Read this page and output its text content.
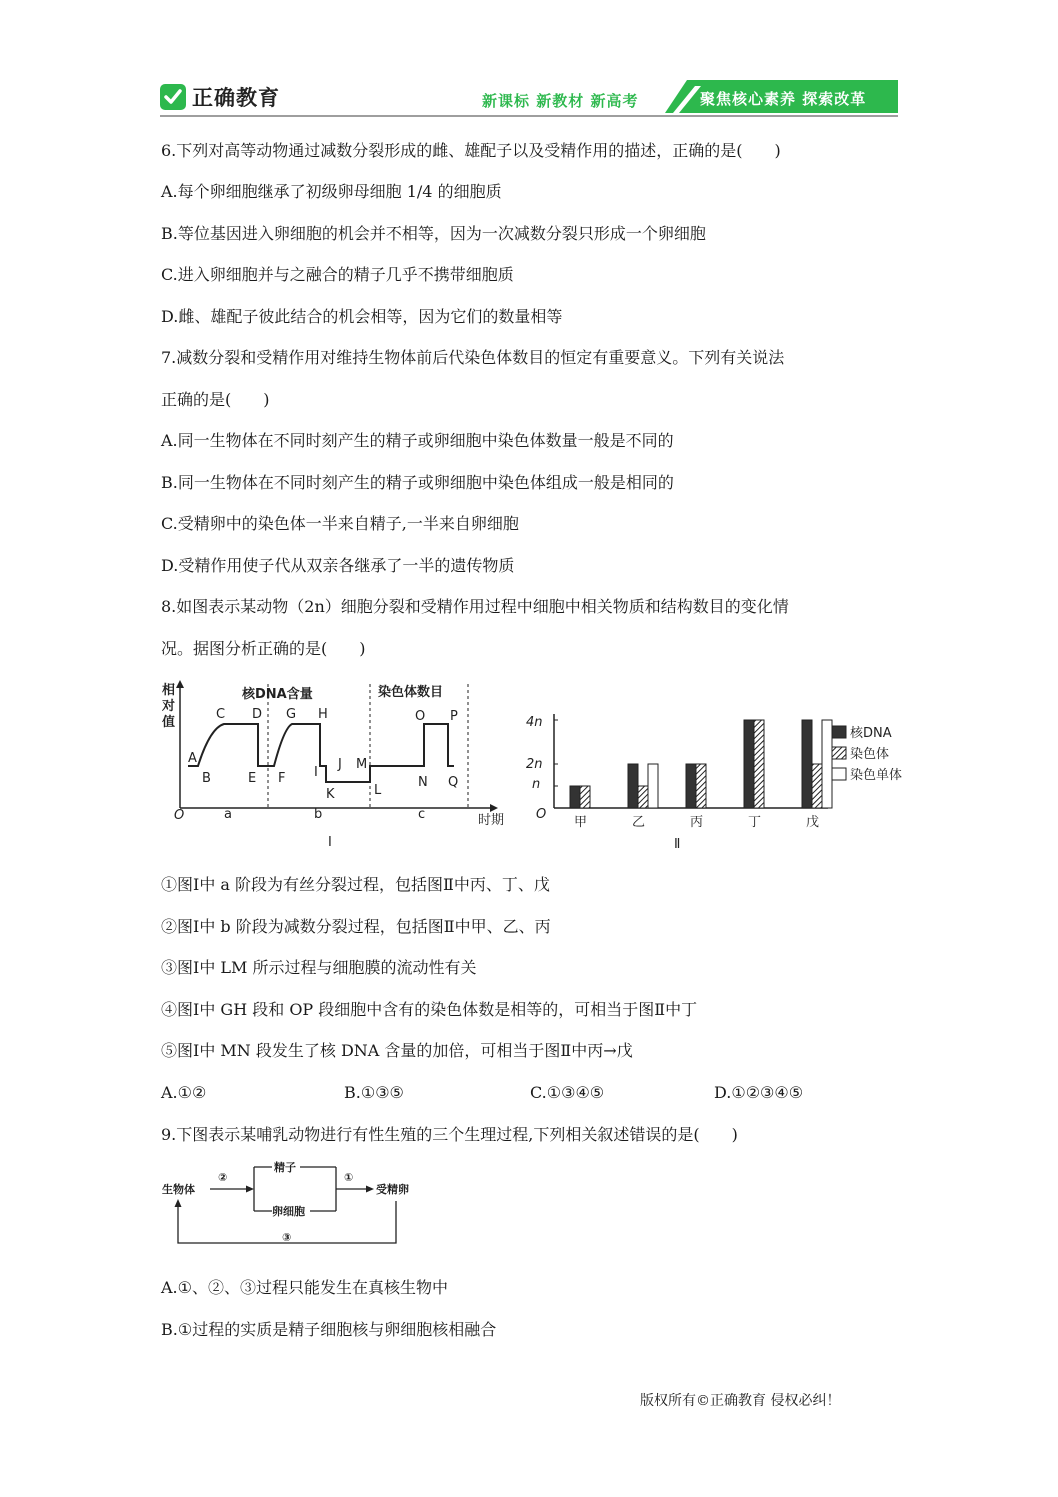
正确教育	新课标 新教材 新高考	聚焦核心素养 探索改革
6.下列对高等动物通过减数分裂形成的雌、雄配子以及受精作用的描述，正确的是(　　)
A.每个卵细胞继承了初级卵母细胞 1/4 的细胞质
B.等位基因进入卵细胞的机会并不相等，因为一次减数分裂只形成一个卵细胞
C.进入卵细胞并与之融合的精子几乎不携带细胞质
D.雌、雄配子彼此结合的机会相等，因为它们的数量相等
7.减数分裂和受精作用对维持生物体前后代染色体数目的恒定有重要意义。下列有关说法
正确的是(　　)
A.同一生物体在不同时刻产生的精子或卵细胞中染色体数量一般是不同的
B.同一生物体在不同时刻产生的精子或卵细胞中染色体组成一般是相同的
C.受精卵中的染色体一半来自精子,一半来自卵细胞
D.受精作用使子代从双亲各继承了一半的遗传物质
8.如图表示某动物（2n）细胞分裂和受精作用过程中细胞中相关物质和结构数目的变化情
况。据图分析正确的是(　　)
相
对
值
核DNA含量	染色体数目
O	时期
a	b	c
Ⅰ
A
B
C D
E F
G H
I
J
K	L
M
N
O P
Q
O
4n
2n
n
甲	乙	丙	丁	戊
Ⅱ
核DNA
染色体
染色单体
①图Ⅰ中 a 阶段为有丝分裂过程，包括图Ⅱ中丙、丁、戊
②图Ⅰ中 b 阶段为减数分裂过程，包括图Ⅱ中甲、乙、丙
③图Ⅰ中 LM 所示过程与细胞膜的流动性有关
④图Ⅰ中 GH 段和 OP 段细胞中含有的染色体数是相等的，可相当于图Ⅱ中丁
⑤图Ⅰ中 MN 段发生了核 DNA 含量的加倍，可相当于图Ⅱ中丙→戊
A.①②	B.①③⑤	C.①③④⑤	D.①②③④⑤
9.下图表示某哺乳动物进行有性生殖的三个生理过程,下列相关叙述错误的是(　　)
生物体
②
精子
卵细胞
①
受精卵
③
A.①、②、③过程只能发生在真核生物中
B.①过程的实质是精子细胞核与卵细胞核相融合
版权所有©正确教育 侵权必纠！
